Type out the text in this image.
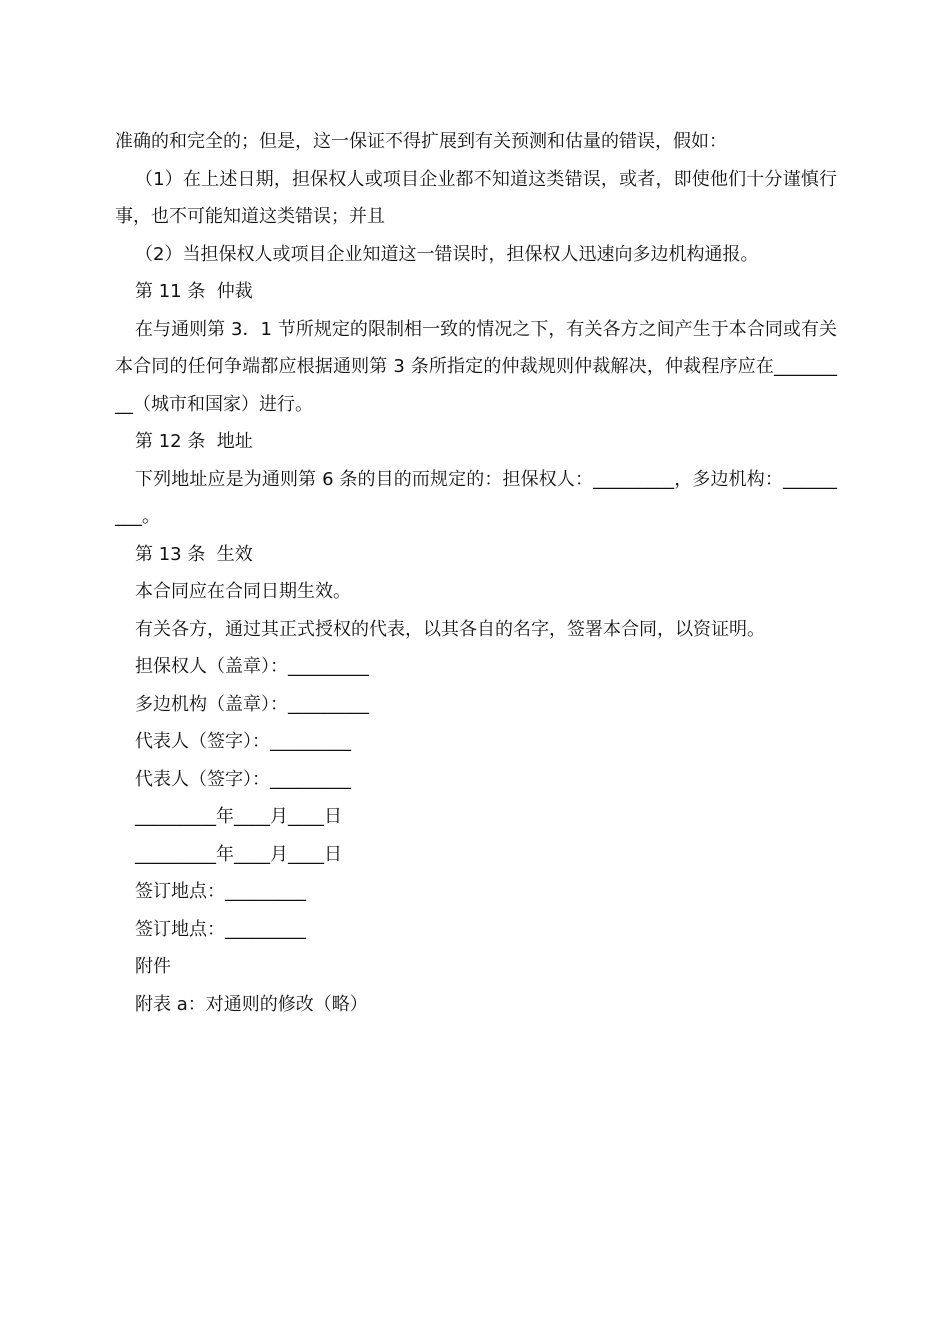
准确的和完全的；但是，这一保证不得扩展到有关预测和估量的错误，假如：

（1）在上述日期，担保权人或项目企业都不知道这类错误，或者，即使他们十分谨慎行事，也不可能知道这类错误；并且

（2）当担保权人或项目企业知道这一错误时，担保权人迅速向多边机构通报。

第 11 条  仲裁

在与通则第 3．1 节所规定的限制相一致的情况之下，有关各方之间产生于本合同或有关本合同的任何争端都应根据通则第 3 条所指定的仲裁规则仲裁解决，仲裁程序应在_________（城市和国家）进行。

第 12 条  地址

下列地址应是为通则第 6 条的目的而规定的：担保权人：_________，多边机构：_________。

第 13 条  生效

本合同应在合同日期生效。

有关各方，通过其正式授权的代表，以其各自的名字，签署本合同，以资证明。

担保权人（盖章）：_________

多边机构（盖章）：_________

代表人（签字）：_________

代表人（签字）：_________

_________年____月____日

_________年____月____日

签订地点：_________

签订地点：_________

附件

附表 a：对通则的修改（略）
